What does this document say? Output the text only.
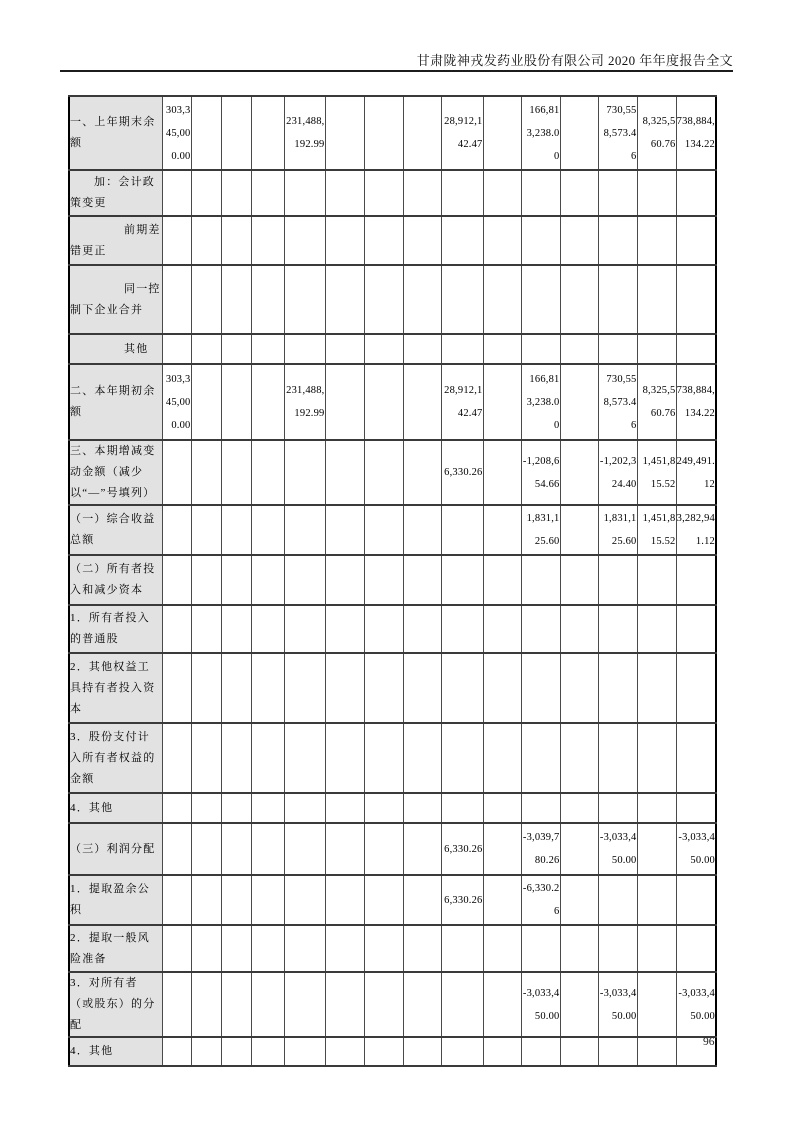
甘肃陇神戎发药业股份有限公司 2020 年年度报告全文
一、上年期末余额	303,345,000.00				231,488,192.99				28,912,142.47		166,813,238.00		730,558,573.46	8,325,560.76	738,884,134.22
加：会计政策变更															
前期差错更正															
同一控制下企业合并															
其他															
二、本年期初余额	303,345,000.00				231,488,192.99				28,912,142.47		166,813,238.00		730,558,573.46	8,325,560.76	738,884,134.22
三、本期增减变动金额（减少以“—”号填列）									6,330.26		-1,208,654.66		-1,202,324.40	1,451,815.52	249,491.12
（一）综合收益总额											1,831,125.60		1,831,125.60	1,451,815.52	3,282,941.12
（二）所有者投入和减少资本															
1．所有者投入的普通股															
2．其他权益工具持有者投入资本															
3．股份支付计入所有者权益的金额															
4．其他															
（三）利润分配									6,330.26		-3,039,780.26		-3,033,450.00		-3,033,450.00
1．提取盈余公积									6,330.26		-6,330.26				
2．提取一般风险准备															
3．对所有者（或股东）的分配											-3,033,450.00		-3,033,450.00		-3,033,450.00
4．其他															
96
